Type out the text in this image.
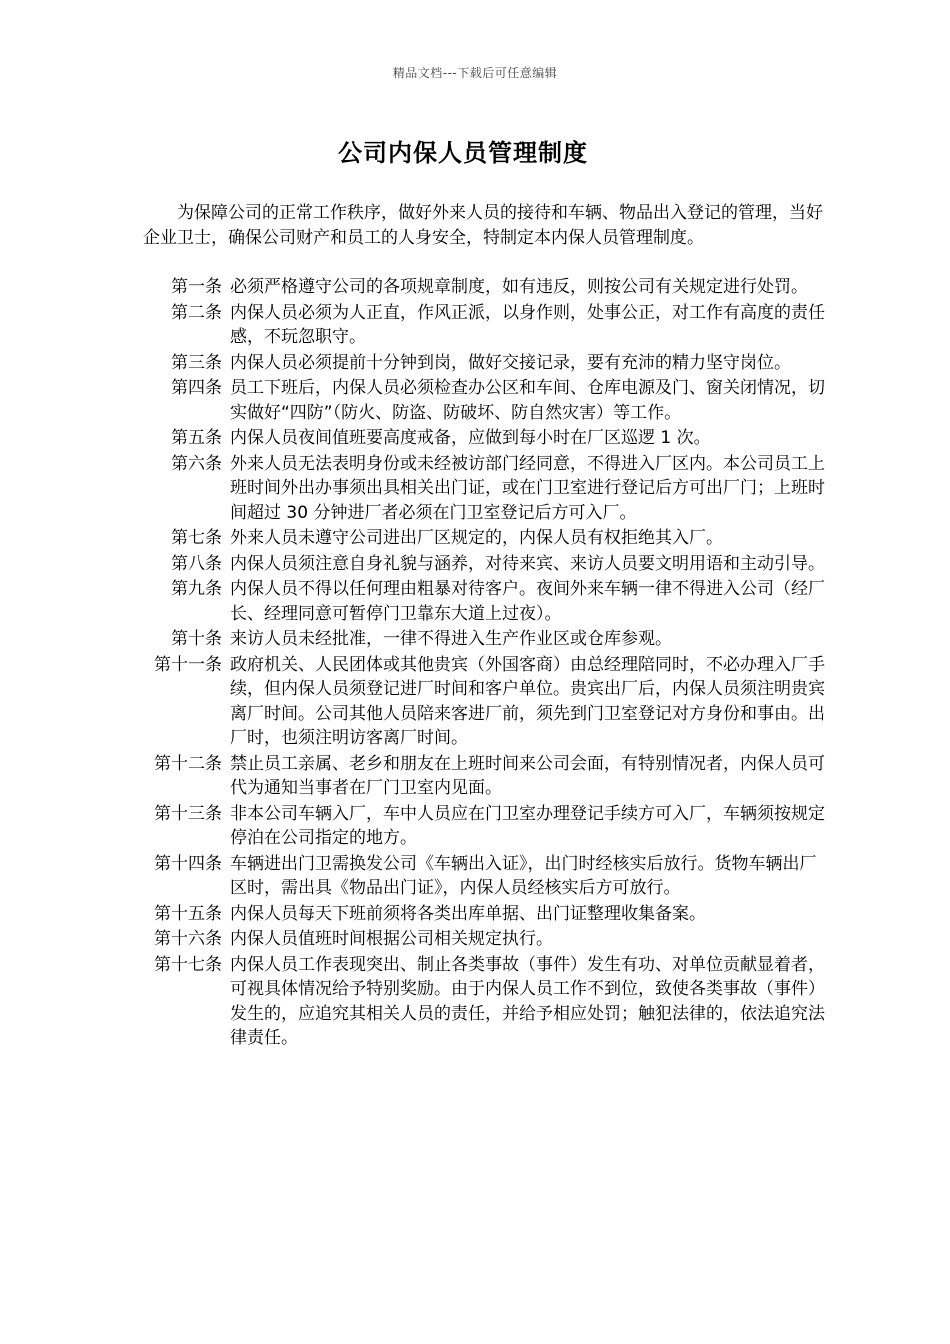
精品文档---下载后可任意编辑
公司内保人员管理制度

为保障公司的正常工作秩序，做好外来人员的接待和车辆、物品出入登记的管理，当好企业卫士，确保公司财产和员工的人身安全，特制定本内保人员管理制度。

第一条 必须严格遵守公司的各项规章制度，如有违反，则按公司有关规定进行处罚。
第二条 内保人员必须为人正直，作风正派，以身作则，处事公正，对工作有高度的责任感，不玩忽职守。
第三条 内保人员必须提前十分钟到岗，做好交接记录，要有充沛的精力坚守岗位。
第四条 员工下班后，内保人员必须检查办公区和车间、仓库电源及门、窗关闭情况，切实做好“四防”（防火、防盗、防破坏、防自然灾害）等工作。
第五条 内保人员夜间值班要高度戒备，应做到每小时在厂区巡逻 1 次。
第六条 外来人员无法表明身份或未经被访部门经同意，不得进入厂区内。本公司员工上班时间外出办事须出具相关出门证，或在门卫室进行登记后方可出厂门；上班时间超过 30 分钟进厂者必须在门卫室登记后方可入厂。
第七条 外来人员未遵守公司进出厂区规定的，内保人员有权拒绝其入厂。
第八条 内保人员须注意自身礼貌与涵养，对待来宾、来访人员要文明用语和主动引导。
第九条 内保人员不得以任何理由粗暴对待客户。夜间外来车辆一律不得进入公司（经厂长、经理同意可暂停门卫靠东大道上过夜）。
第十条 来访人员未经批准，一律不得进入生产作业区或仓库参观。
第十一条 政府机关、人民团体或其他贵宾（外国客商）由总经理陪同时，不必办理入厂手续，但内保人员须登记进厂时间和客户单位。贵宾出厂后，内保人员须注明贵宾离厂时间。公司其他人员陪来客进厂前，须先到门卫室登记对方身份和事由。出厂时，也须注明访客离厂时间。
第十二条 禁止员工亲属、老乡和朋友在上班时间来公司会面，有特别情况者，内保人员可代为通知当事者在厂门卫室内见面。
第十三条 非本公司车辆入厂，车中人员应在门卫室办理登记手续方可入厂，车辆须按规定停泊在公司指定的地方。
第十四条 车辆进出门卫需换发公司《车辆出入证》，出门时经核实后放行。货物车辆出厂区时，需出具《物品出门证》，内保人员经核实后方可放行。
第十五条 内保人员每天下班前须将各类出库单据、出门证整理收集备案。
第十六条 内保人员值班时间根据公司相关规定执行。
第十七条 内保人员工作表现突出、制止各类事故（事件）发生有功、对单位贡献显着者，可视具体情况给予特别奖励。由于内保人员工作不到位，致使各类事故（事件）发生的，应追究其相关人员的责任，并给予相应处罚；触犯法律的，依法追究法律责任。
